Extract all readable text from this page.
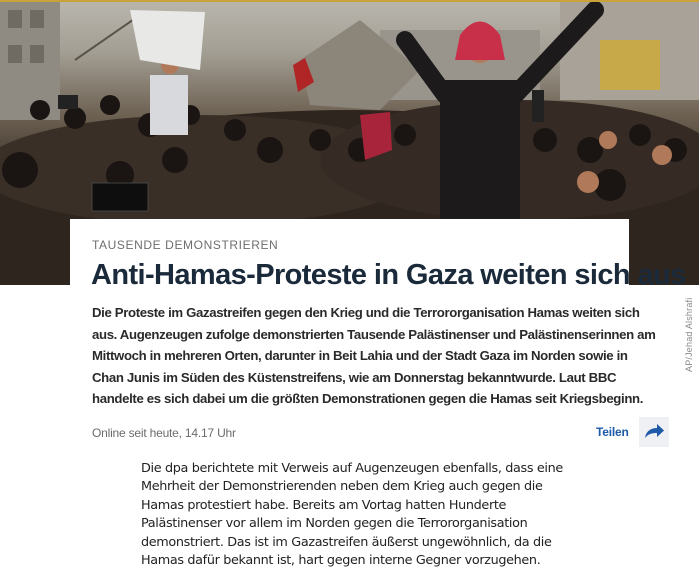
AP/Jehad Alshrafi
TAUSENDE DEMONSTRIEREN
Anti-Hamas-Proteste in Gaza weiten sich aus
Die Proteste im Gazastreifen gegen den Krieg und die Terrororganisation Hamas weiten sich
aus. Augenzeugen zufolge demonstrierten Tausende Palästinenser und Palästinenserinnen am
Mittwoch in mehreren Orten, darunter in Beit Lahia und der Stadt Gaza im Norden sowie in
Chan Junis im Süden des Küstenstreifens, wie am Donnerstag bekanntwurde. Laut BBC
handelte es sich dabei um die größten Demonstrationen gegen die Hamas seit Kriegsbeginn.
Online seit heute, 14.17 Uhr	Teilen
Die dpa berichtete mit Verweis auf Augenzeugen ebenfalls, dass eine
Mehrheit der Demonstrierenden neben dem Krieg auch gegen die
Hamas protestiert habe. Bereits am Vortag hatten Hunderte
Palästinenser vor allem im Norden gegen die Terrororganisation
demonstriert. Das ist im Gazastreifen äußerst ungewöhnlich, da die
Hamas dafür bekannt ist, hart gegen interne Gegner vorzugehen.
